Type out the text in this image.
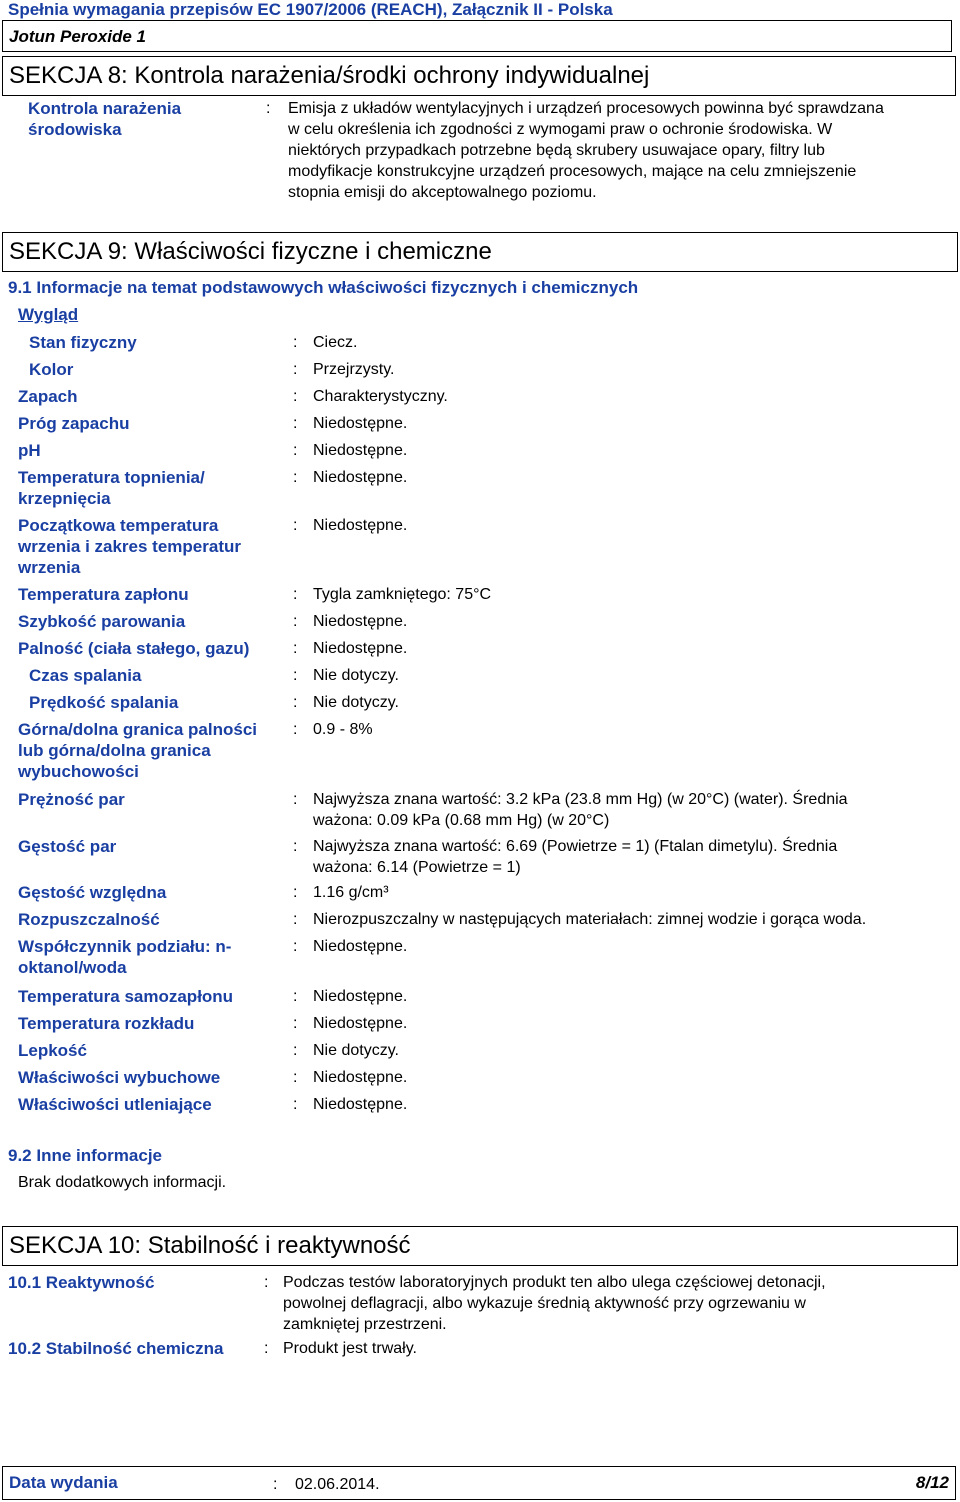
Spełnia wymagania przepisów EC 1907/2006 (REACH), Załącznik II - Polska
Jotun Peroxide 1
SEKCJA 8: Kontrola narażenia/środki ochrony indywidualnej
Kontrola narażenia
środowiska
: Emisja z układów wentylacyjnych i urządzeń procesowych powinna być sprawdzana
w celu określenia ich zgodności z wymogami praw o ochronie środowiska. W
niektórych przypadkach potrzebne będą skrubery usuwajace opary, filtry lub
modyfikacje konstrukcyjne urządzeń procesowych, mające na celu zmniejszenie
stopnia emisji do akceptowalnego poziomu.
SEKCJA 9: Właściwości fizyczne i chemiczne
9.1 Informacje na temat podstawowych właściwości fizycznych i chemicznych
Wygląd
Stan fizyczny	: Ciecz.
Kolor	: Przejrzysty.
Zapach	: Charakterystyczny.
Próg zapachu	: Niedostępne.
pH	: Niedostępne.
Temperatura topnienia/
krzepnięcia
: Niedostępne.
Początkowa temperatura
wrzenia i zakres temperatur
wrzenia
: Niedostępne.
Temperatura zapłonu	: Tygla zamkniętego: 75°C
Szybkość parowania	: Niedostępne.
Palność (ciała stałego, gazu)	: Niedostępne.
Czas spalania	: Nie dotyczy.
Prędkość spalania	: Nie dotyczy.
Górna/dolna granica palności
lub górna/dolna granica
wybuchowości
: 0.9 - 8%
Prężność par	: Najwyższa znana wartość: 3.2 kPa (23.8 mm Hg) (w 20°C) (water). Średnia
ważona: 0.09 kPa (0.68 mm Hg) (w 20°C)
Gęstość par	: Najwyższa znana wartość: 6.69 (Powietrze = 1) (Ftalan dimetylu). Średnia
ważona: 6.14 (Powietrze = 1)
Gęstość względna	: 1.16 g/cm³
Rozpuszczalność	: Nierozpuszczalny w następujących materiałach: zimnej wodzie i gorąca woda.
Współczynnik podziału: n-
oktanol/woda
: Niedostępne.
Temperatura samozapłonu	: Niedostępne.
Temperatura rozkładu	: Niedostępne.
Lepkość	: Nie dotyczy.
Właściwości wybuchowe	: Niedostępne.
Właściwości utleniające	: Niedostępne.
9.2 Inne informacje
Brak dodatkowych informacji.
SEKCJA 10: Stabilność i reaktywność
10.1 Reaktywność	: Podczas testów laboratoryjnych produkt ten albo ulega częściowej detonacji,
powolnej deflagracji, albo wykazuje średnią aktywność przy ogrzewaniu w
zamkniętej przestrzeni.
10.2 Stabilność chemiczna	: Produkt jest trwały.
Data wydania	: 02.06.2014.	8/12
